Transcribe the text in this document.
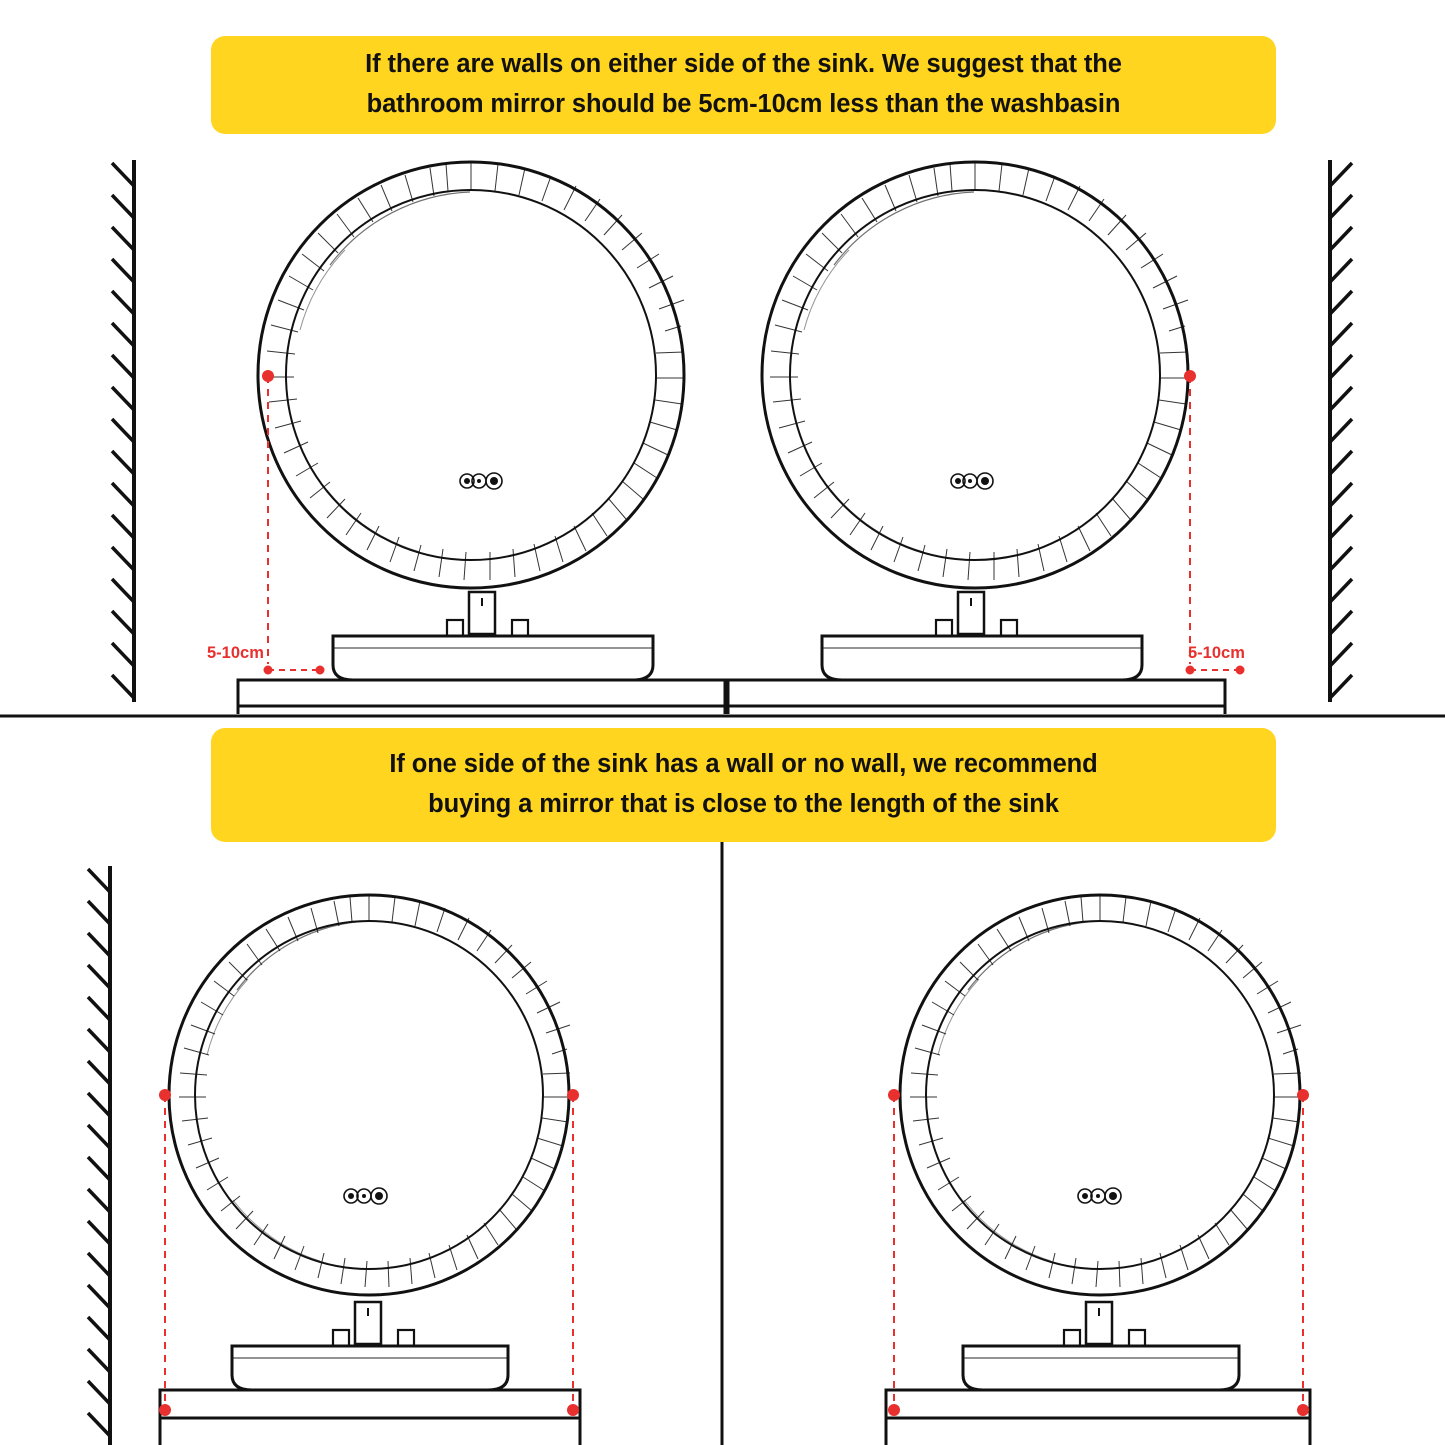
If there are walls on either side of the sink. We suggest that the
bathroom mirror should be 5cm-10cm less than the washbasin
If one side of the sink has a wall or no wall, we recommend
buying a mirror that is close to the length of the sink
5-10cm	5-10cm
